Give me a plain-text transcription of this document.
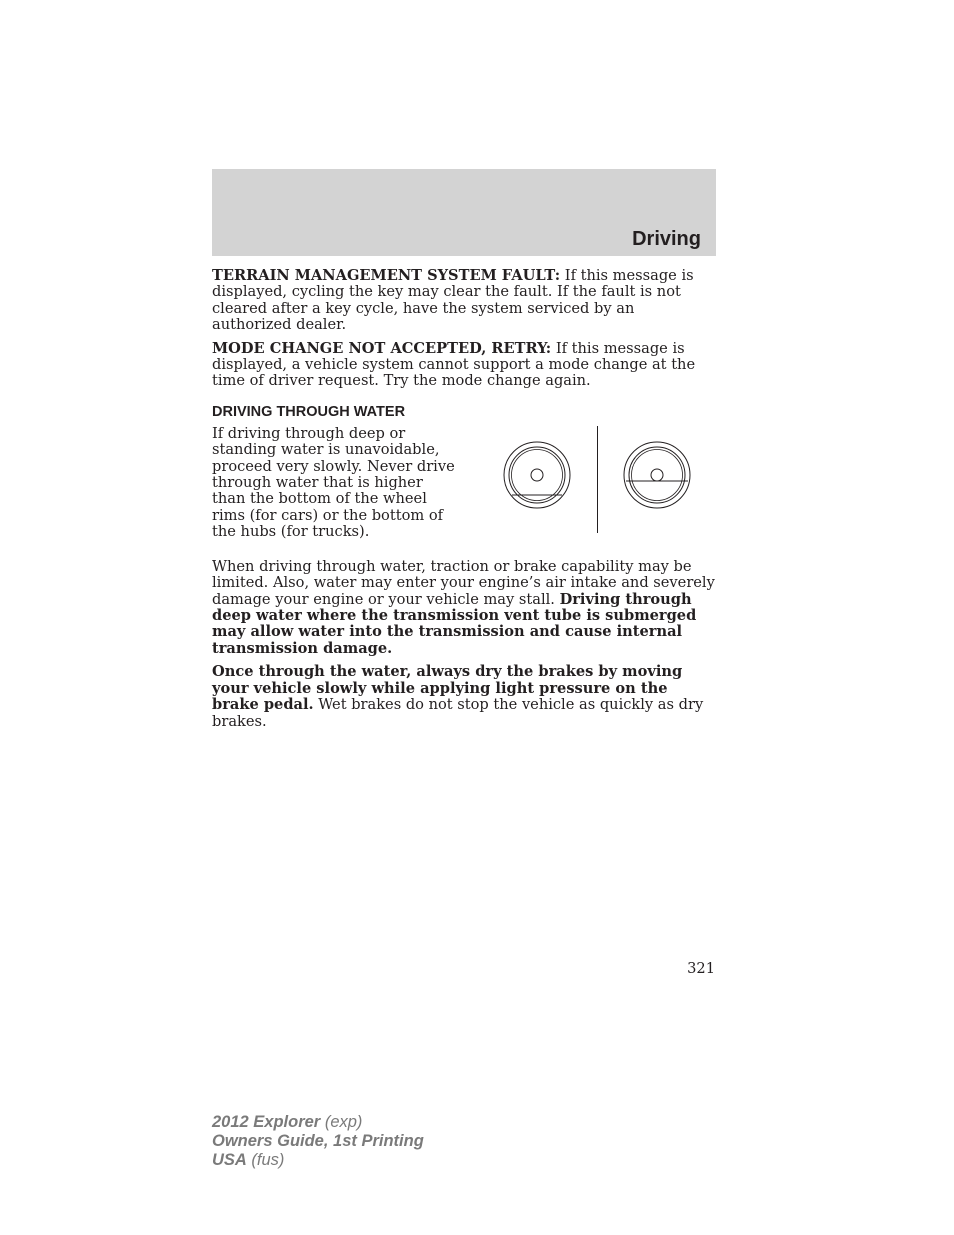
Driving

TERRAIN MANAGEMENT SYSTEM FAULT: If this message is displayed, cycling the key may clear the fault. If the fault is not cleared after a key cycle, have the system serviced by an authorized dealer.

MODE CHANGE NOT ACCEPTED, RETRY: If this message is displayed, a vehicle system cannot support a mode change at the time of driver request. Try the mode change again.

DRIVING THROUGH WATER

If driving through deep or standing water is unavoidable, proceed very slowly. Never drive through water that is higher than the bottom of the wheel rims (for cars) or the bottom of the hubs (for trucks).

When driving through water, traction or brake capability may be limited. Also, water may enter your engine’s air intake and severely damage your engine or your vehicle may stall. Driving through deep water where the transmission vent tube is submerged may allow water into the transmission and cause internal transmission damage.

Once through the water, always dry the brakes by moving your vehicle slowly while applying light pressure on the brake pedal. Wet brakes do not stop the vehicle as quickly as dry brakes.

321
2012 Explorer (exp)
Owners Guide, 1st Printing
USA (fus)
